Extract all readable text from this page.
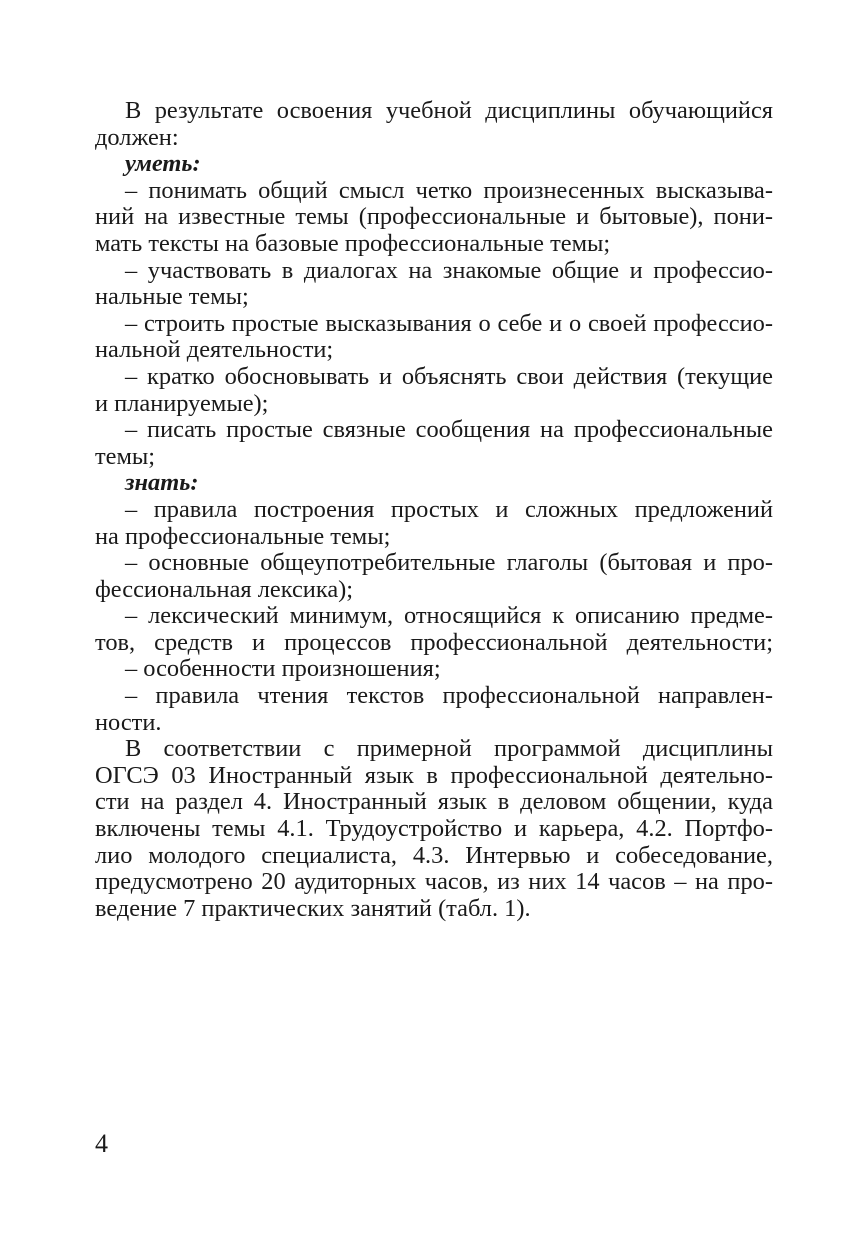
В результате освоения учебной дисциплины обучающийся
должен:
уметь:
– понимать общий смысл четко произнесенных высказыва-
ний на известные темы (профессиональные и бытовые), пони-
мать тексты на базовые профессиональные темы;
– участвовать в диалогах на знакомые общие и профессио-
нальные темы;
– строить простые высказывания о себе и о своей профессио-
нальной деятельности;
– кратко обосновывать и объяснять свои действия (текущие
и планируемые);
– писать простые связные сообщения на профессиональные
темы;
знать:
– правила построения простых и сложных предложений
на профессиональные темы;
– основные общеупотребительные глаголы (бытовая и про-
фессиональная лексика);
– лексический минимум, относящийся к описанию предме-
тов, средств и процессов профессиональной деятельности;
– особенности произношения;
– правила чтения текстов профессиональной направлен-
ности.
В соответствии с примерной программой дисциплины
ОГСЭ 03 Иностранный язык в профессиональной деятельно-
сти на раздел 4. Иностранный язык в деловом общении, куда
включены темы 4.1. Трудоустройство и карьера, 4.2. Портфо-
лио молодого специалиста, 4.3. Интервью и собеседование,
предусмотрено 20 аудиторных часов, из них 14 часов – на про-
ведение 7 практических занятий (табл. 1).
4
